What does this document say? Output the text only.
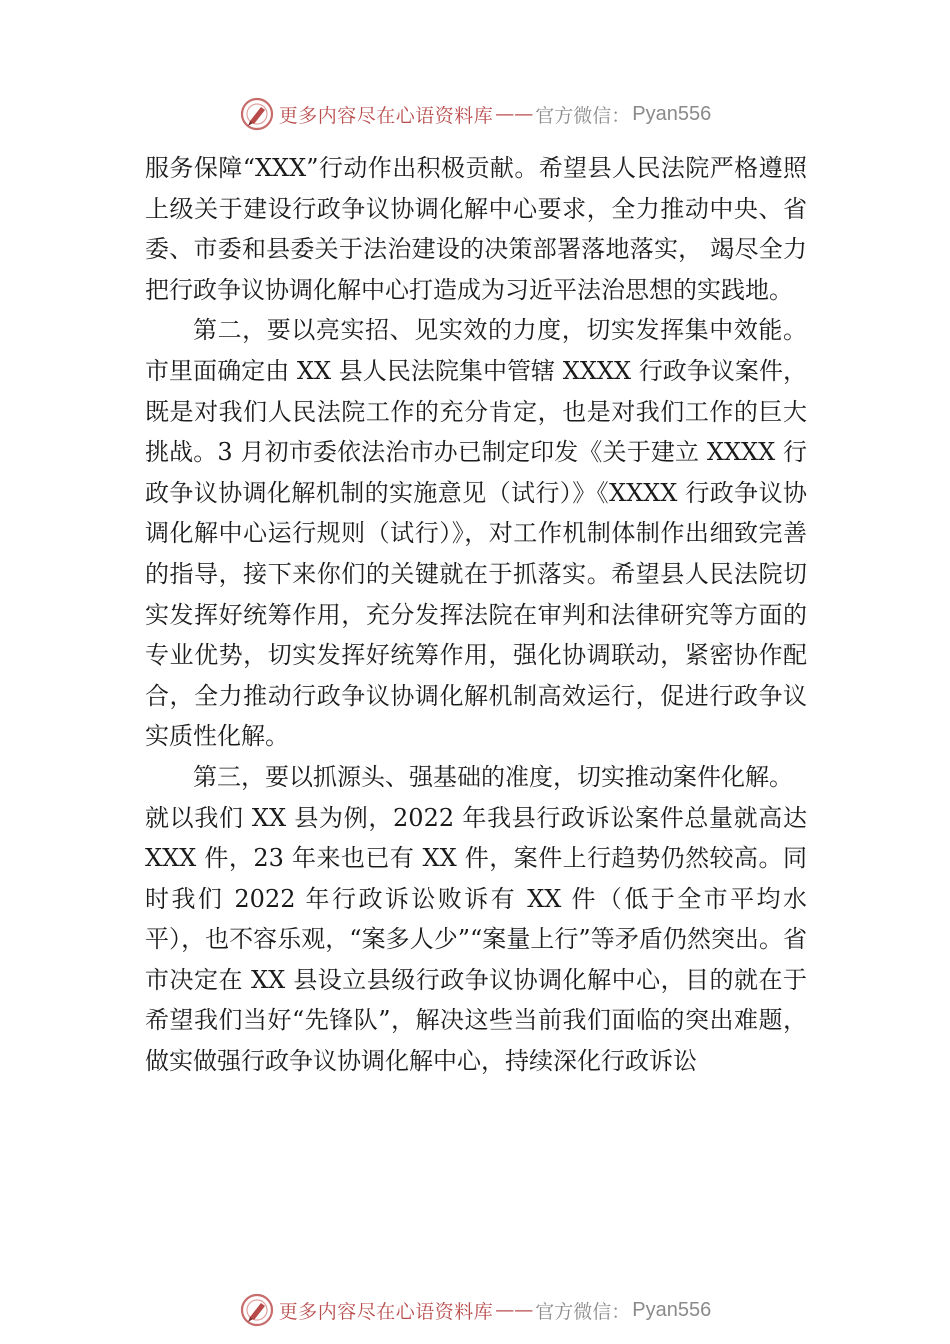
更多内容尽在心语资料库 —— 官方微信： Pyan556

服务保障“XXX”行动作出积极贡献。希望县人民法院严格遵照上级关于建设行政争议协调化解中心要求，全力推动中央、省委、市委和县委关于法治建设的决策部署落地落实， 竭尽全力把行政争议协调化解中心打造成为习近平法治思想的实践地。

第二，要以亮实招、见实效的力度，切实发挥集中效能。市里面确定由 XX 县人民法院集中管辖 XXXX 行政争议案件，既是对我们人民法院工作的充分肯定，也是对我们工作的巨大挑战。3 月初市委依法治市办已制定印发《关于建立 XXXX 行政争议协调化解机制的实施意见（试行）》《XXXX 行政争议协调化解中心运行规则（试行）》，对工作机制体制作出细致完善的指导，接下来你们的关键就在于抓落实。希望县人民法院切实发挥好统筹作用，充分发挥法院在审判和法律研究等方面的专业优势，切实发挥好统筹作用，强化协调联动，紧密协作配合，全力推动行政争议协调化解机制高效运行，促进行政争议实质性化解。

第三，要以抓源头、强基础的准度，切实推动案件化解。

就以我们 XX 县为例，2022 年我县行政诉讼案件总量就高达 XXX 件，23 年来也已有 XX 件，案件上行趋势仍然较高。同时我们 2022 年行政诉讼败诉有 XX 件（低于全市平均水平），也不容乐观，“案多人少”“案量上行”等矛盾仍然突出。省市决定在 XX 县设立县级行政争议协调化解中心，目的就在于希望我们当好“先锋队”，解决这些当前我们面临的突出难题，做实做强行政争议协调化解中心，持续深化行政诉讼

更多内容尽在心语资料库 —— 官方微信： Pyan556
